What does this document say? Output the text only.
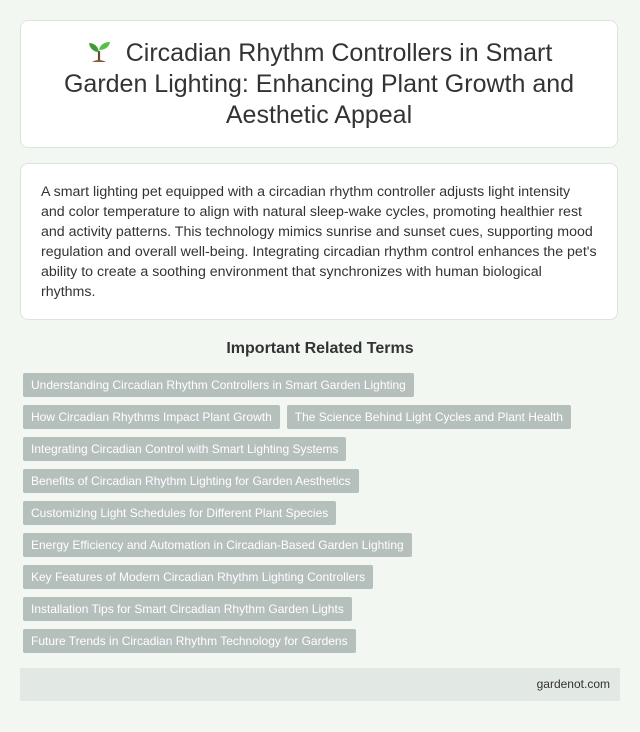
Circadian Rhythm Controllers in Smart Garden Lighting: Enhancing Plant Growth and Aesthetic Appeal

A smart lighting pet equipped with a circadian rhythm controller adjusts light intensity and color temperature to align with natural sleep-wake cycles, promoting healthier rest and activity patterns. This technology mimics sunrise and sunset cues, supporting mood regulation and overall well-being. Integrating circadian rhythm control enhances the pet's ability to create a soothing environment that synchronizes with human biological rhythms.

Important Related Terms
Understanding Circadian Rhythm Controllers in Smart Garden Lighting
How Circadian Rhythms Impact Plant Growth	The Science Behind Light Cycles and Plant Health
Integrating Circadian Control with Smart Lighting Systems
Benefits of Circadian Rhythm Lighting for Garden Aesthetics
Customizing Light Schedules for Different Plant Species
Energy Efficiency and Automation in Circadian-Based Garden Lighting
Key Features of Modern Circadian Rhythm Lighting Controllers
Installation Tips for Smart Circadian Rhythm Garden Lights
Future Trends in Circadian Rhythm Technology for Gardens
gardenot.com
